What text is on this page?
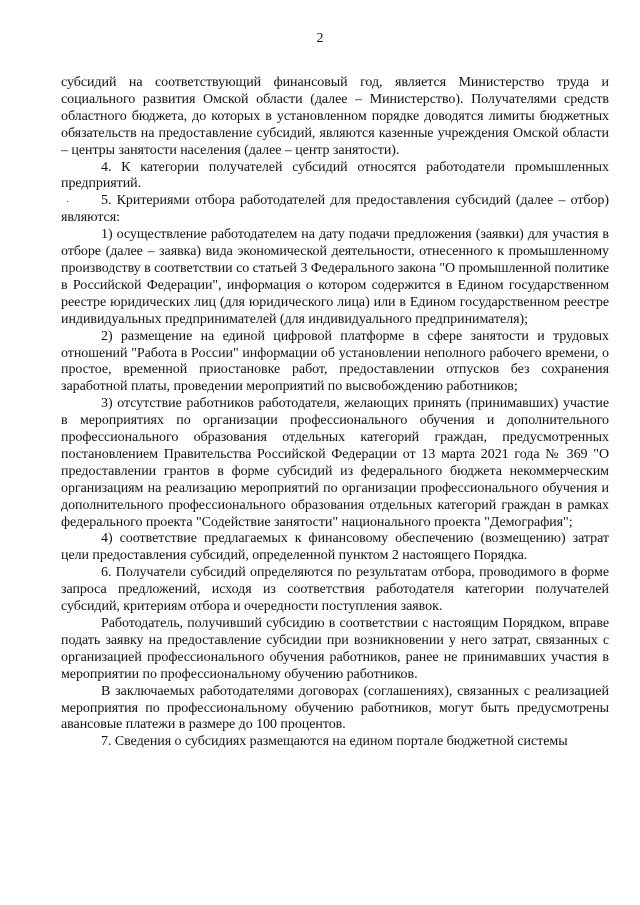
2
·

субсидий на соответствующий финансовый год, является Министерство труда и социального развития Омской области (далее – Министерство). Получателями средств областного бюджета, до которых в установленном порядке доводятся лимиты бюджетных обязательств на предоставление субсидий, являются казенные учреждения Омской области – центры занятости населения (далее – центр занятости).

4. К категории получателей субсидий относятся работодатели промышленных предприятий.

5. Критериями отбора работодателей для предоставления субсидий (далее – отбор) являются:

1) осуществление работодателем на дату подачи предложения (заявки) для участия в отборе (далее – заявка) вида экономической деятельности, отнесенного к промышленному производству в соответствии со статьей 3 Федерального закона "О промышленной политике в Российской Федерации", информация о котором содержится в Едином государственном реестре юридических лиц (для юридического лица) или в Едином государственном реестре индивидуальных предпринимателей (для индивидуального предпринимателя);

2) размещение на единой цифровой платформе в сфере занятости и трудовых отношений "Работа в России" информации об установлении неполного рабочего времени, о простое, временной приостановке работ, предоставлении отпусков без сохранения заработной платы, проведении мероприятий по высвобождению работников;

3) отсутствие работников работодателя, желающих принять (принимавших) участие в мероприятиях по организации профессионального обучения и дополнительного профессионального образования отдельных категорий граждан, предусмотренных постановлением Правительства Российской Федерации от 13 марта 2021 года № 369 "О предоставлении грантов в форме субсидий из федерального бюджета некоммерческим организациям на реализацию мероприятий по организации профессионального обучения и дополнительного профессионального образования отдельных категорий граждан в рамках федерального проекта "Содействие занятости" национального проекта "Демография";

4) соответствие предлагаемых к финансовому обеспечению (возмещению) затрат цели предоставления субсидий, определенной пунктом 2 настоящего Порядка.

6. Получатели субсидий определяются по результатам отбора, проводимого в форме запроса предложений, исходя из соответствия работодателя категории получателей субсидий, критериям отбора и очередности поступления заявок.

Работодатель, получивший субсидию в соответствии с настоящим Порядком, вправе подать заявку на предоставление субсидии при возникновении у него затрат, связанных с организацией профессионального обучения работников, ранее не принимавших участия в мероприятии по профессиональному обучению работников.

В заключаемых работодателями договорах (соглашениях), связанных с реализацией мероприятия по профессиональному обучению работников, могут быть предусмотрены авансовые платежи в размере до 100 процентов.

7. Сведения о субсидиях размещаются на едином портале бюджетной системы
